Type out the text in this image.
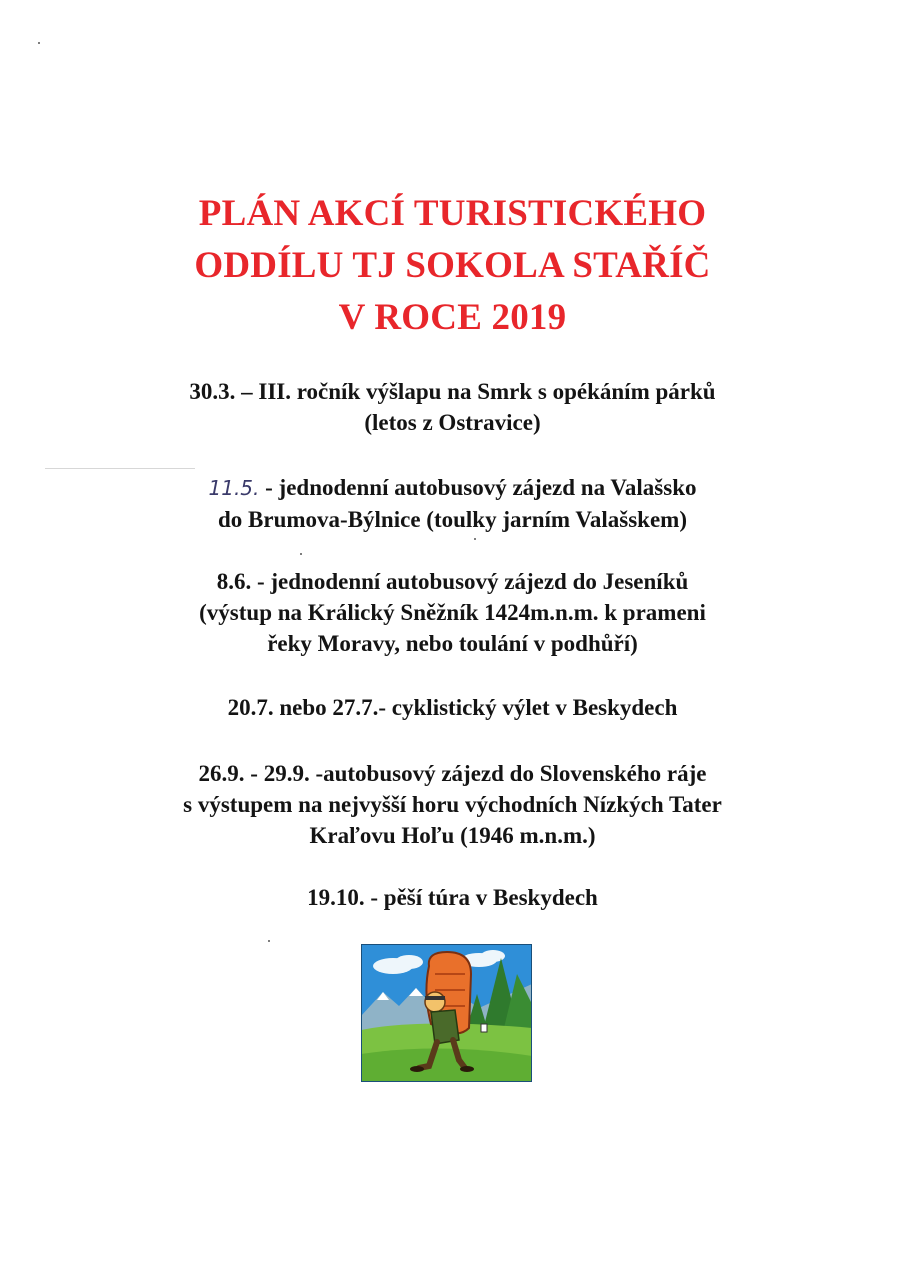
PLÁN AKCÍ TURISTICKÉHO
ODDÍLU TJ SOKOLA STAŘÍČ
V ROCE 2019
30.3. – III. ročník výšlapu na Smrk s opékáním párků
(letos z Ostravice)
11.5. - jednodenní autobusový zájezd na Valašsko
do Brumova-Býlnice (toulky jarním Valašskem)
8.6. - jednodenní autobusový zájezd do Jeseníků
(výstup na Králický Sněžník 1424m.n.m. k prameni
řeky Moravy, nebo toulání v podhůří)
20.7. nebo 27.7.- cyklistický výlet v Beskydech
26.9. - 29.9. -autobusový zájezd do Slovenského ráje
s výstupem na nejvyšší horu východních Nízkých Tater
Kraľovu Hoľu (1946 m.n.m.)
19.10. - pěší túra v Beskydech
